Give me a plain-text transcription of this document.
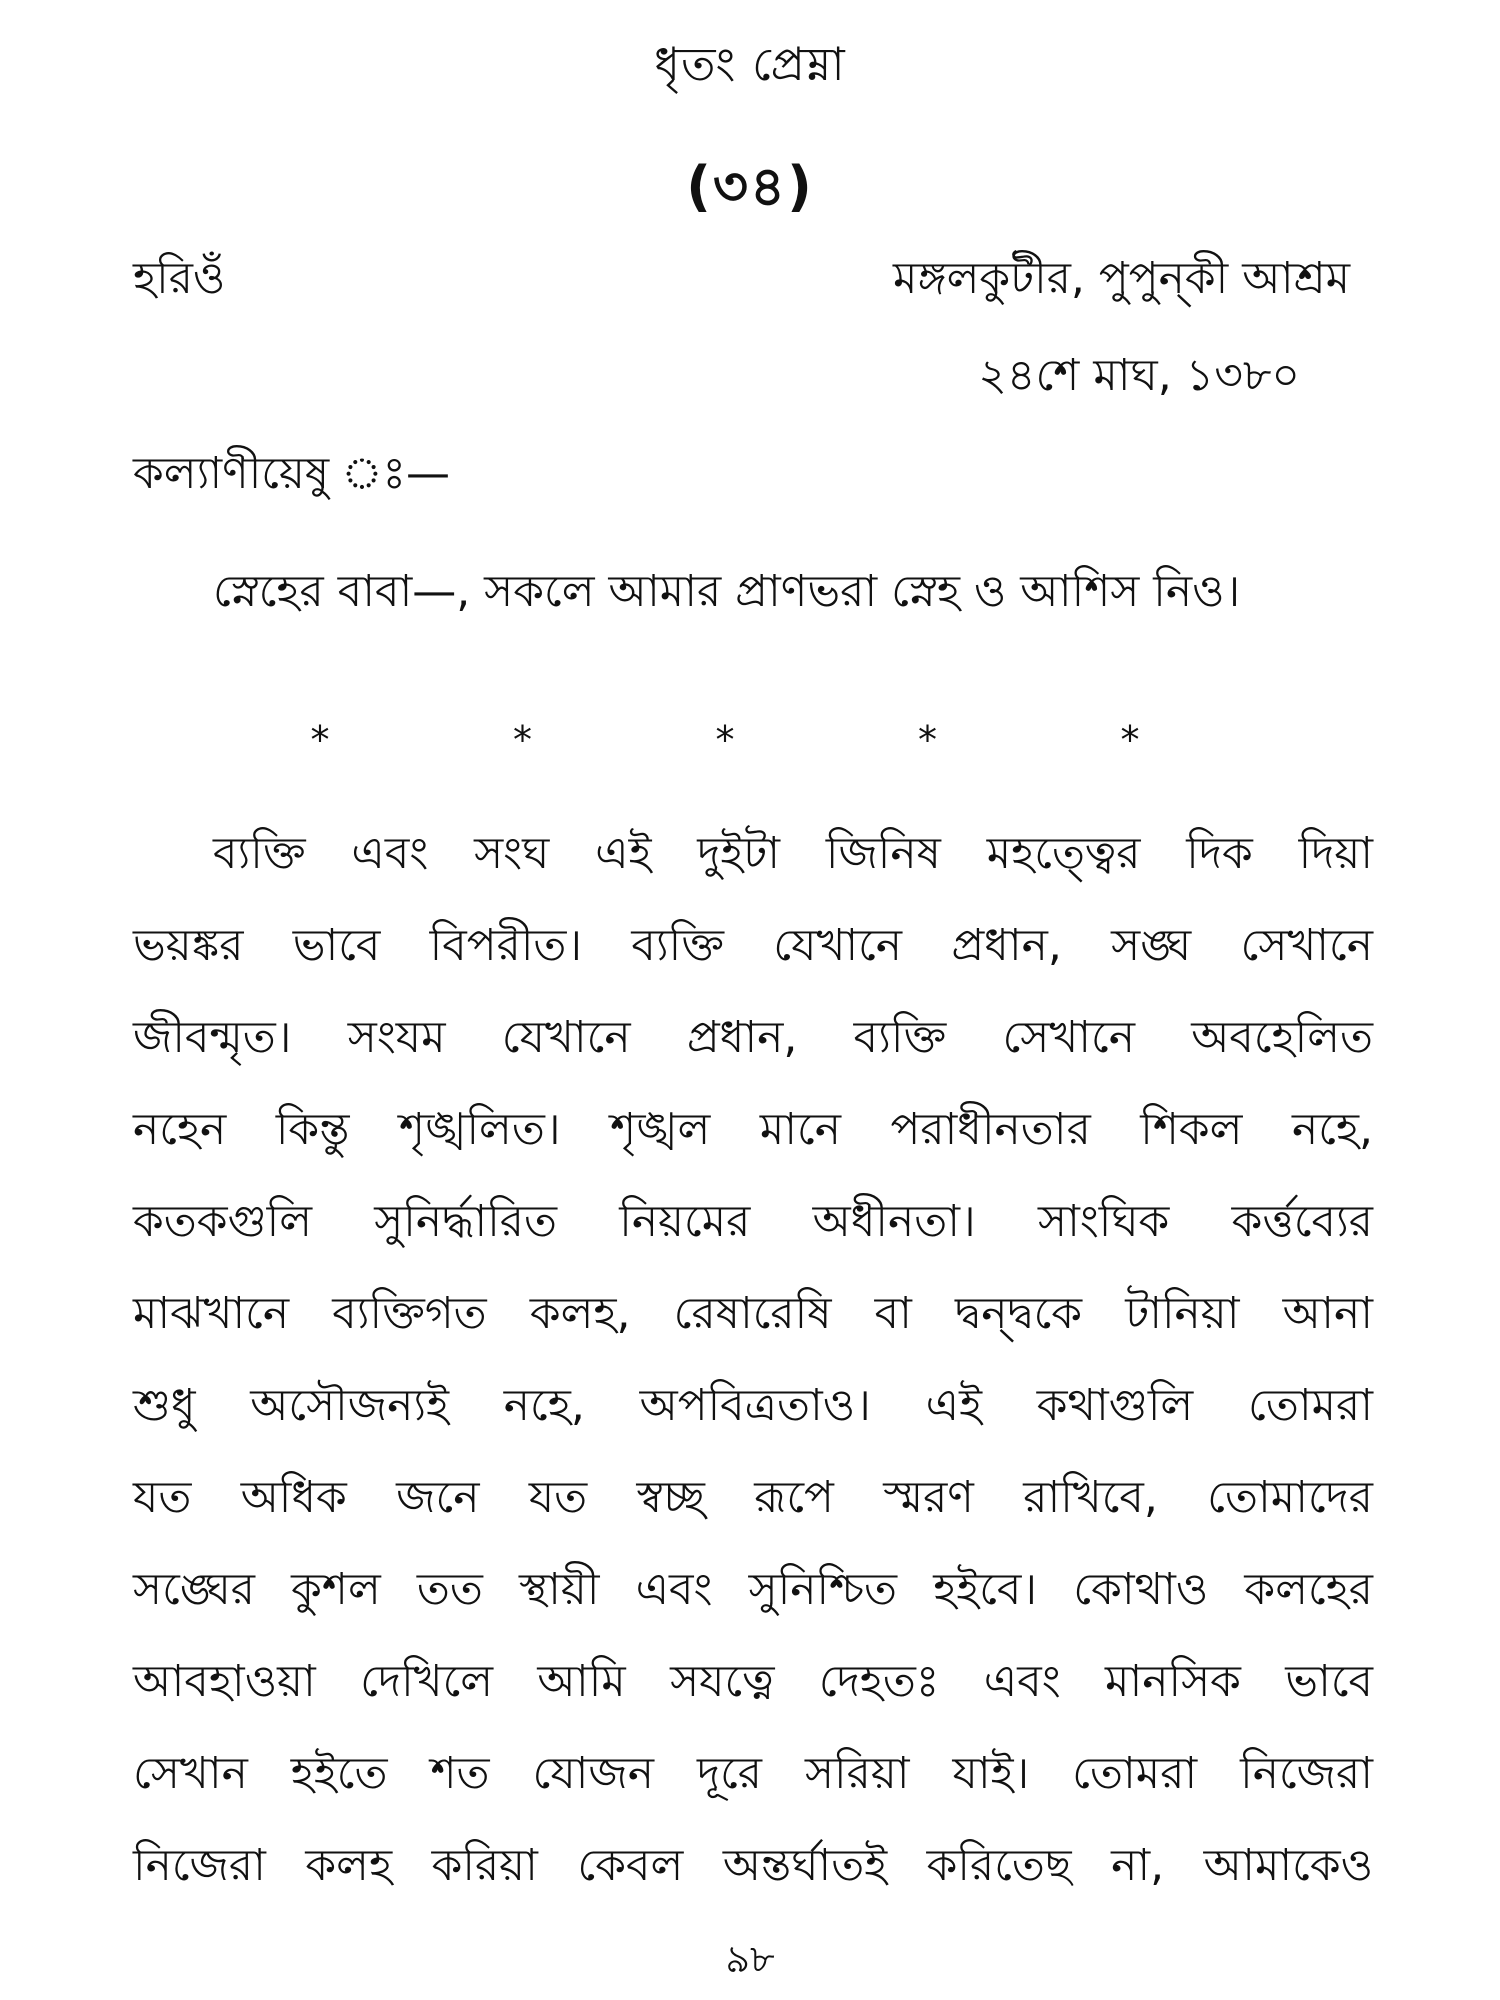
ধৃতং প্রেম্না
(৩৪)
হরিওঁ	মঙ্গলকুটীর, পুপুন্‌কী আশ্রম
২৪শে মাঘ, ১৩৮০
কল্যাণীয়েষু ঃ—
স্নেহের বাবা—, সকলে আমার প্রাণভরা স্নেহ ও আশিস নিও।
*	*	*	*	*
ব্যক্তি এবং সংঘ এই দুইটা জিনিষ মহত্ত্বের দিক দিয়া
ভয়ঙ্কর ভাবে বিপরীত। ব্যক্তি যেখানে প্রধান, সঙ্ঘ সেখানে
জীবন্মৃত। সংযম যেখানে প্রধান, ব্যক্তি সেখানে অবহেলিত
নহেন কিন্তু শৃঙ্খলিত। শৃঙ্খল মানে পরাধীনতার শিকল নহে,
কতকগুলি সুনির্দ্ধারিত নিয়মের অধীনতা। সাংঘিক কর্ত্তব্যের
মাঝখানে ব্যক্তিগত কলহ, রেষারেষি বা দ্বন্দ্বকে টানিয়া আনা
শুধু অসৌজন্যই নহে, অপবিত্রতাও। এই কথাগুলি তোমরা
যত অধিক জনে যত স্বচ্ছ রূপে স্মরণ রাখিবে, তোমাদের
সঙ্ঘের কুশল তত স্থায়ী এবং সুনিশ্চিত হইবে। কোথাও কলহের
আবহাওয়া দেখিলে আমি সযত্নে দেহতঃ এবং মানসিক ভাবে
সেখান হইতে শত যোজন দূরে সরিয়া যাই। তোমরা নিজেরা
নিজেরা কলহ করিয়া কেবল অন্তর্ঘাতই করিতেছ না, আমাকেও
৯৮
